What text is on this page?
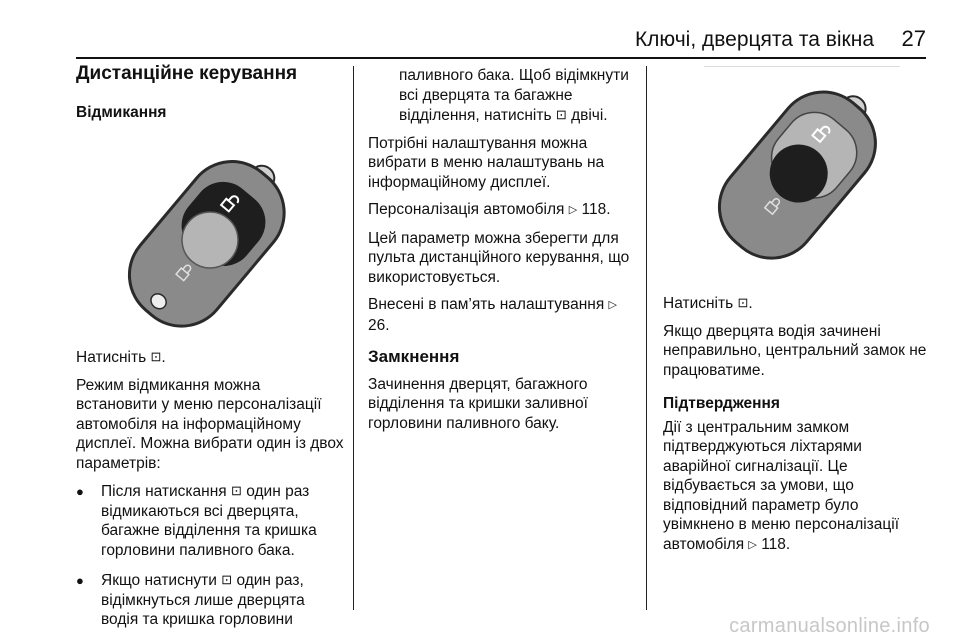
Ключі, дверцята та вікна 27
Дистанційне керування
Відмикання

Натисніть ⊡.

Режим відмикання можна встановити у меню персоналізації автомобіля на інформаційному дисплеї. Можна вибрати один із двох параметрів:

● Після натискання ⊡ один раз відмикаються всі дверцята, багажне відділення та кришка горловини паливного бака.
● Якщо натиснути ⊡ один раз, відімкнуться лише дверцята водія та кришка горловини

паливного бака. Щоб відімкнути всі дверцята та багажне відділення, натисніть ⊡ двічі.

Потрібні налаштування можна вибрати в меню налаштувань на інформаційному дисплеї.

Персоналізація автомобіля ▷ 118.

Цей параметр можна зберегти для пульта дистанційного керування, що використовується.

Внесені в пам’ять налаштування ▷ 26.

Замкнення

Зачинення дверцят, багажного відділення та кришки заливної горловини паливного баку.

Натисніть ⊡.

Якщо дверцята водія зачинені неправильно, центральний замок не працюватиме.

Підтвердження

Дії з центральним замком підтверджуються ліхтарями аварійної сигналізації. Це відбувається за умови, що відповідний параметр було увімкнено в меню персоналізації автомобіля ▷ 118.

carmanualsonline.info
